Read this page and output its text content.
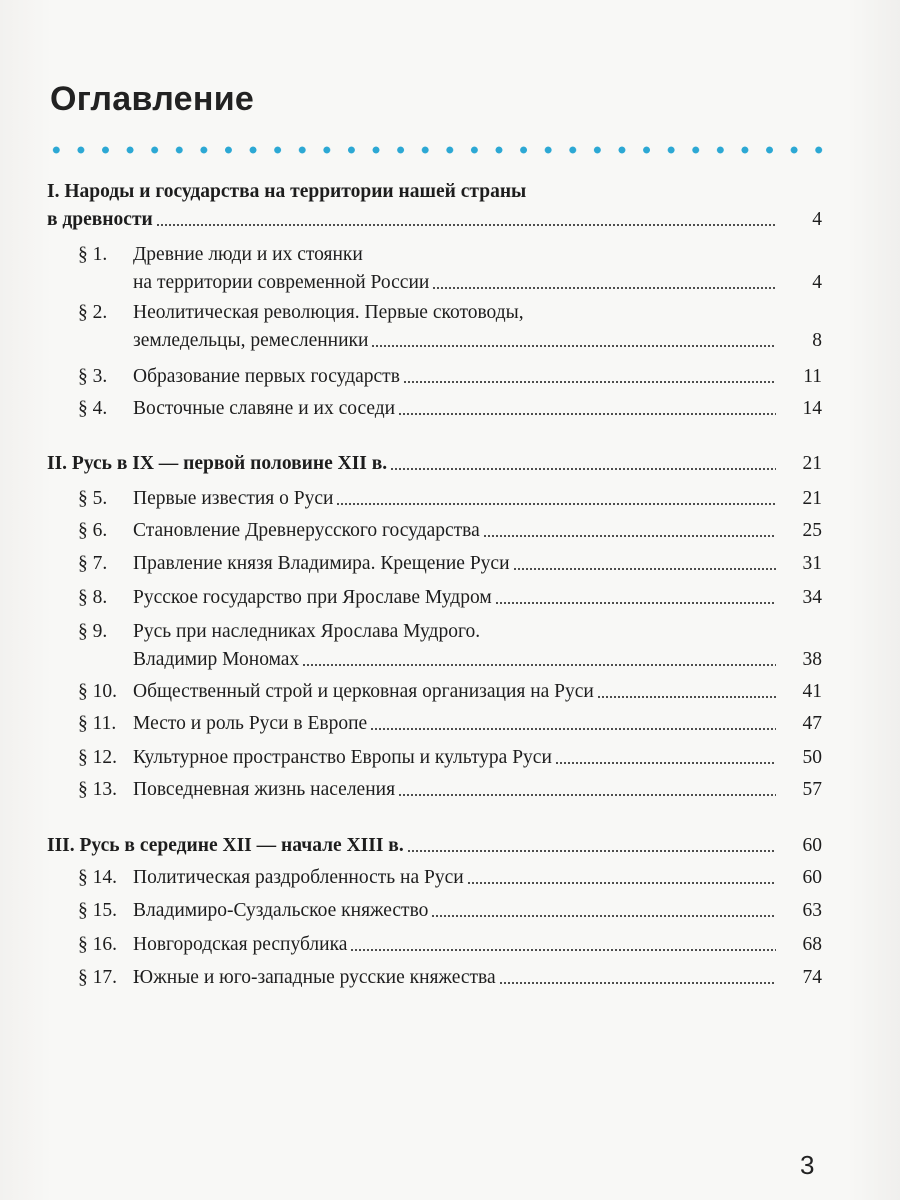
Оглавление
I. Народы и государства на территории нашей страны
в древности	4
§ 1. Древние люди и их стоянки
на территории современной России	4
§ 2. Неолитическая революция. Первые скотоводы,
земледельцы, ремесленники	8
§ 3. Образование первых государств	11
§ 4. Восточные славяне и их соседи	14
II. Русь в IX — первой половине XII в.	21
§ 5. Первые известия о Руси	21
§ 6. Становление Древнерусского государства	25
§ 7. Правление князя Владимира. Крещение Руси	31
§ 8. Русское государство при Ярославе Мудром	34
§ 9. Русь при наследниках Ярослава Мудрого.
Владимир Мономах	38
§ 10. Общественный строй и церковная организация на Руси	41
§ 11. Место и роль Руси в Европе	47
§ 12. Культурное пространство Европы и культура Руси	50
§ 13. Повседневная жизнь населения	57
III. Русь в середине XII — начале XIII в.	60
§ 14. Политическая раздробленность на Руси	60
§ 15. Владимиро-Суздальское княжество	63
§ 16. Новгородская республика	68
§ 17. Южные и юго-западные русские княжества	74
3
